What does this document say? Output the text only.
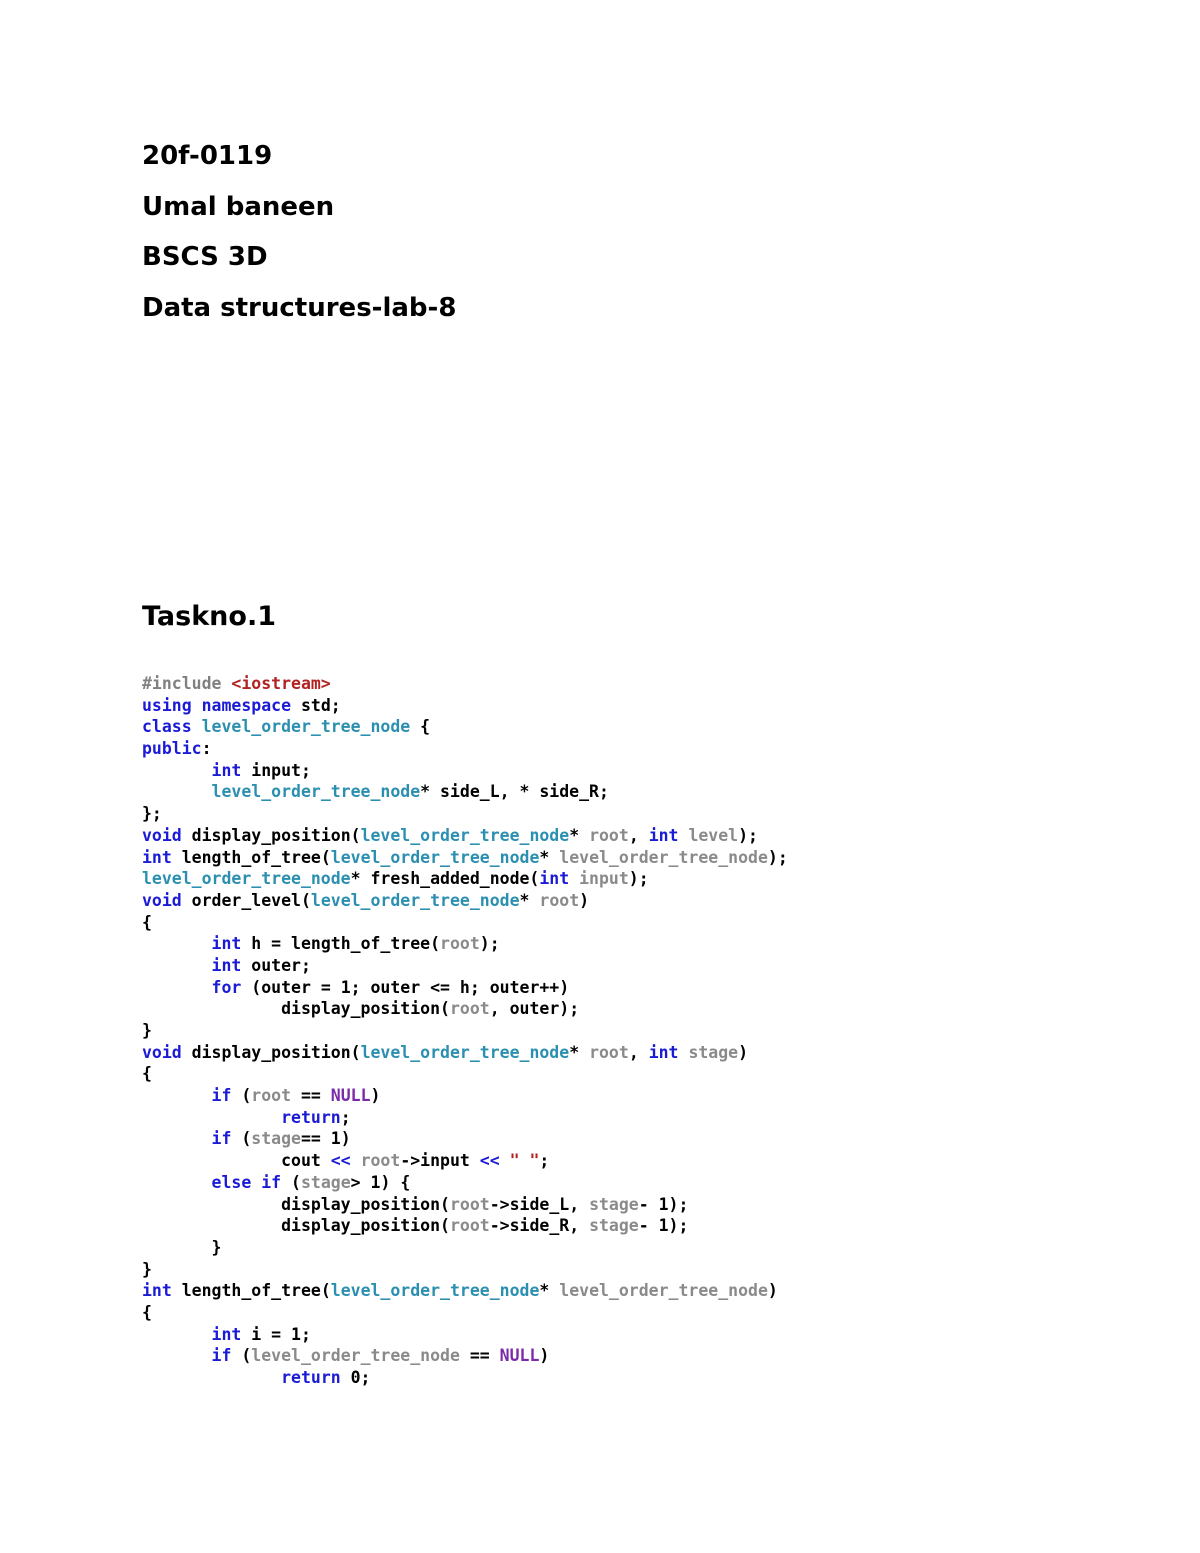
20f-0119
Umal baneen
BSCS 3D
Data structures-lab-8
Taskno.1
#include <iostream>
using namespace std;
class level_order_tree_node {
public:
	int input;
	level_order_tree_node* side_L, * side_R;
};
void display_position(level_order_tree_node* root, int level);
int length_of_tree(level_order_tree_node* level_order_tree_node);
level_order_tree_node* fresh_added_node(int input);
void order_level(level_order_tree_node* root)
{
	int h = length_of_tree(root);
	int outer;
	for (outer = 1; outer <= h; outer++)
		display_position(root, outer);
}
void display_position(level_order_tree_node* root, int stage)
{
	if (root == NULL)
		return;
	if (stage== 1)
		cout << root->input << " ";
	else if (stage> 1) {
		display_position(root->side_L, stage- 1);
		display_position(root->side_R, stage- 1);
	}
}
int length_of_tree(level_order_tree_node* level_order_tree_node)
{
	int i = 1;
	if (level_order_tree_node == NULL)
		return 0;
